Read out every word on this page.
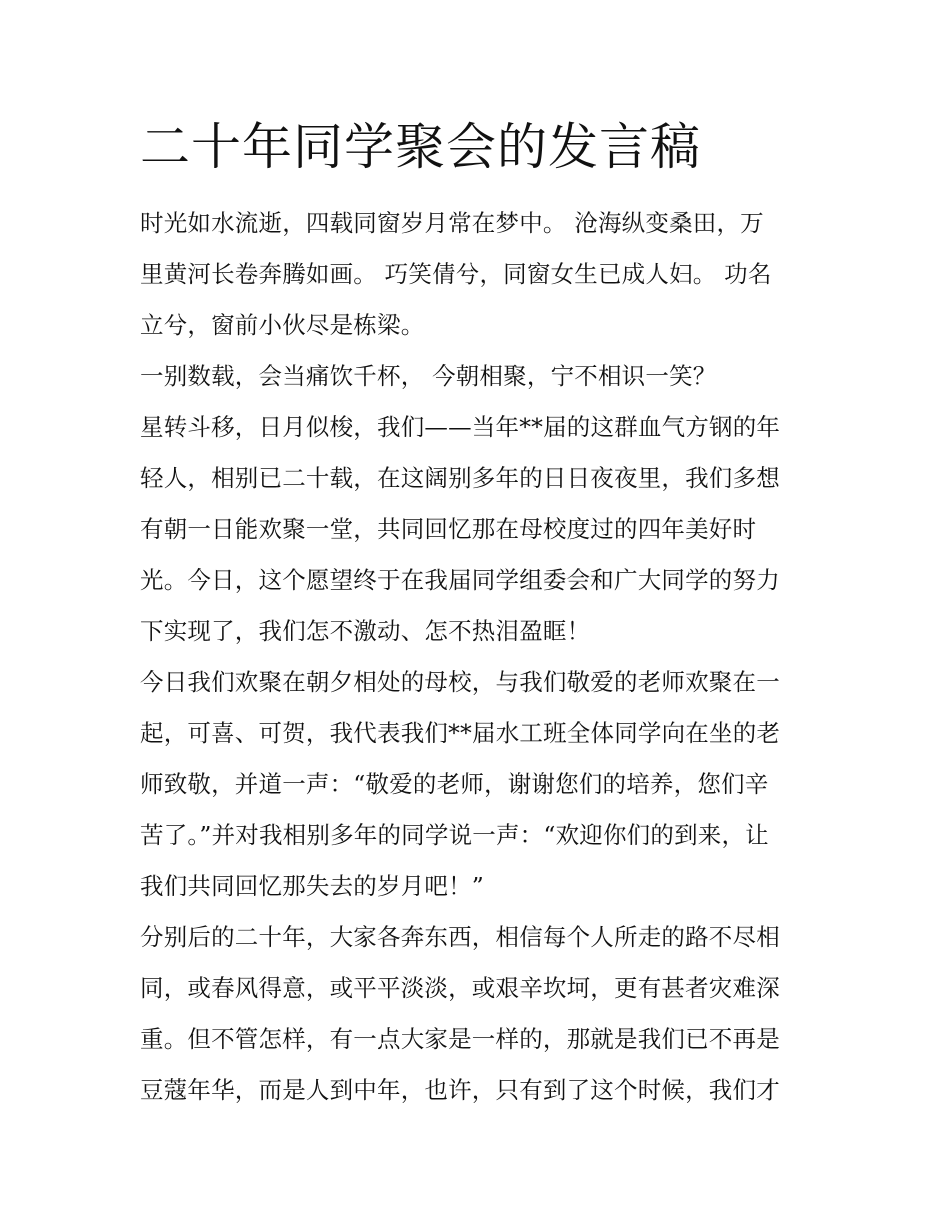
二十年同学聚会的发言稿
时光如水流逝，四载同窗岁月常在梦中。 沧海纵变桑田，万
里黄河长卷奔腾如画。 巧笑倩兮，同窗女生已成人妇。 功名
立兮，窗前小伙尽是栋梁。
一别数载，会当痛饮千杯， 今朝相聚，宁不相识一笑？
星转斗移，日月似梭，我们——当年**届的这群血气方钢的年
轻人，相别已二十载，在这阔别多年的日日夜夜里，我们多想
有朝一日能欢聚一堂，共同回忆那在母校度过的四年美好时
光。今日，这个愿望终于在我届同学组委会和广大同学的努力
下实现了，我们怎不激动、怎不热泪盈眶！
今日我们欢聚在朝夕相处的母校，与我们敬爱的老师欢聚在一
起，可喜、可贺，我代表我们**届水工班全体同学向在坐的老
师致敬，并道一声：“敬爱的老师，谢谢您们的培养，您们辛
苦了。”并对我相别多年的同学说一声：“欢迎你们的到来，让
我们共同回忆那失去的岁月吧！”
分别后的二十年，大家各奔东西，相信每个人所走的路不尽相
同，或春风得意，或平平淡淡，或艰辛坎坷，更有甚者灾难深
重。但不管怎样，有一点大家是一样的，那就是我们已不再是
豆蔻年华，而是人到中年，也许，只有到了这个时候，我们才
